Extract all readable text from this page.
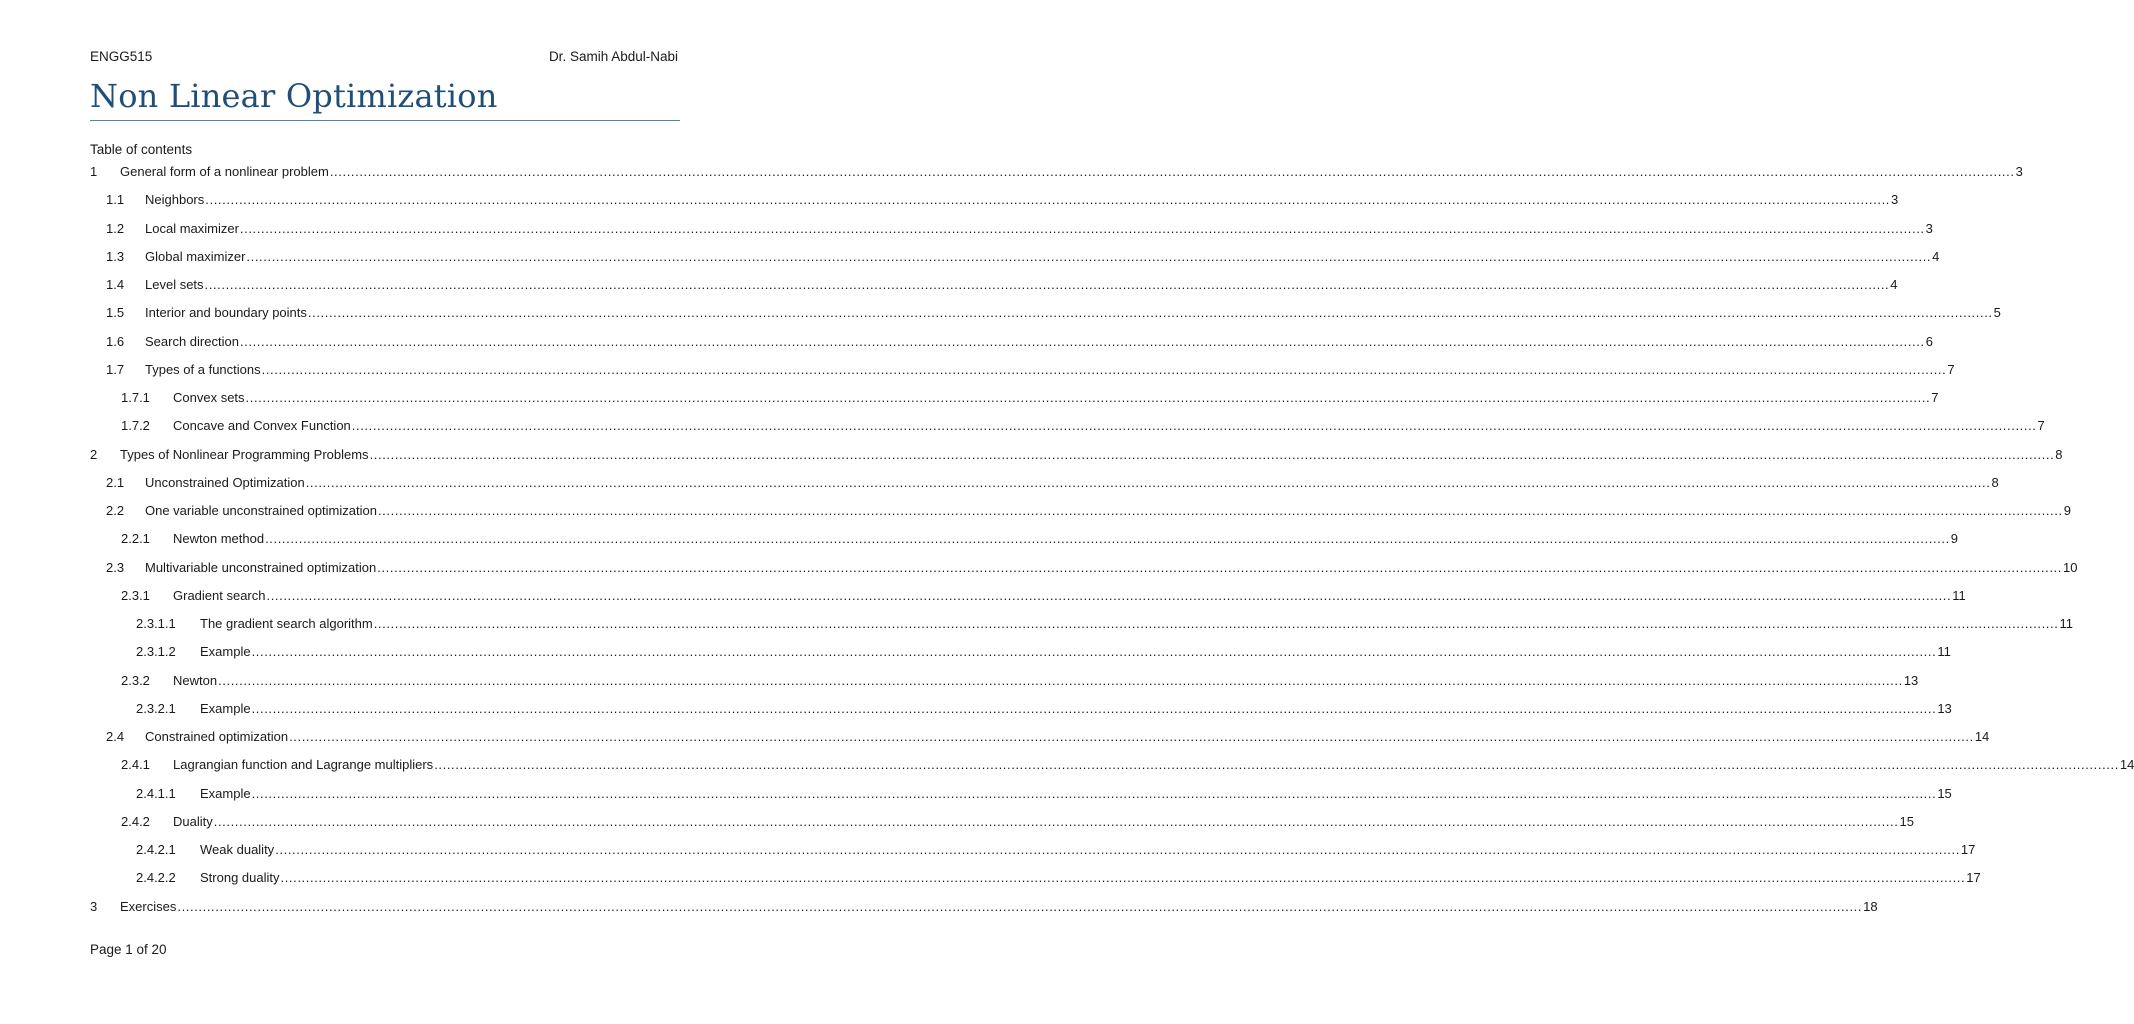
ENGG515	Dr. Samih Abdul-Nabi
Non Linear Optimization
Table of contents
1 General form of a nonlinear problem ................................................................................................................................................................................................................................................................................................................................................................................................................ 3
1.1 Neighbors ................................................................................................................................................................................................................................................................................................................................................................................................................ 3
1.2 Local maximizer ................................................................................................................................................................................................................................................................................................................................................................................................................ 3
1.3 Global maximizer ................................................................................................................................................................................................................................................................................................................................................................................................................ 4
1.4 Level sets ................................................................................................................................................................................................................................................................................................................................................................................................................ 4
1.5 Interior and boundary points ................................................................................................................................................................................................................................................................................................................................................................................................................ 5
1.6 Search direction ................................................................................................................................................................................................................................................................................................................................................................................................................ 6
1.7 Types of a functions ................................................................................................................................................................................................................................................................................................................................................................................................................ 7
1.7.1 Convex sets ................................................................................................................................................................................................................................................................................................................................................................................................................ 7
1.7.2 Concave and Convex Function ................................................................................................................................................................................................................................................................................................................................................................................................................ 7
2 Types of Nonlinear Programming Problems ................................................................................................................................................................................................................................................................................................................................................................................................................ 8
2.1 Unconstrained Optimization ................................................................................................................................................................................................................................................................................................................................................................................................................ 8
2.2 One variable unconstrained optimization ................................................................................................................................................................................................................................................................................................................................................................................................................ 9
2.2.1 Newton method ................................................................................................................................................................................................................................................................................................................................................................................................................ 9
2.3 Multivariable unconstrained optimization ................................................................................................................................................................................................................................................................................................................................................................................................................ 10
2.3.1 Gradient search ................................................................................................................................................................................................................................................................................................................................................................................................................ 11
2.3.1.1 The gradient search algorithm ................................................................................................................................................................................................................................................................................................................................................................................................................ 11
2.3.1.2 Example ................................................................................................................................................................................................................................................................................................................................................................................................................ 11
2.3.2 Newton ................................................................................................................................................................................................................................................................................................................................................................................................................ 13
2.3.2.1 Example ................................................................................................................................................................................................................................................................................................................................................................................................................ 13
2.4 Constrained optimization ................................................................................................................................................................................................................................................................................................................................................................................................................ 14
2.4.1 Lagrangian function and Lagrange multipliers ................................................................................................................................................................................................................................................................................................................................................................................................................ 14
2.4.1.1 Example ................................................................................................................................................................................................................................................................................................................................................................................................................ 15
2.4.2 Duality ................................................................................................................................................................................................................................................................................................................................................................................................................ 15
2.4.2.1 Weak duality ................................................................................................................................................................................................................................................................................................................................................................................................................ 17
2.4.2.2 Strong duality ................................................................................................................................................................................................................................................................................................................................................................................................................ 17
3 Exercises ................................................................................................................................................................................................................................................................................................................................................................................................................ 18
Page 1 of 20
